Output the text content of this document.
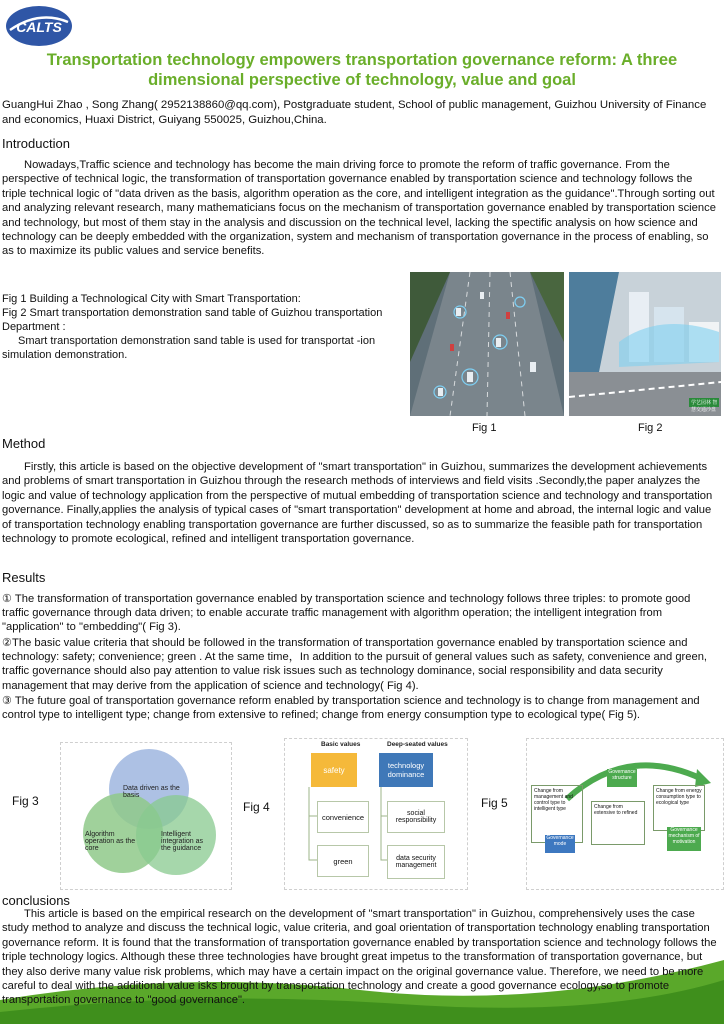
CALTS
Transportation technology empowers transportation governance reform: A three dimensional perspective of technology, value and goal

GuangHui Zhao , Song Zhang( 2952138860@qq.com), Postgraduate student, School of public management, Guizhou University of Finance and economics, Huaxi District, Guiyang 550025, Guizhou,China.

Introduction

Nowadays,Traffic science and technology has become the main driving force to promote the reform of traffic governance. From the perspective of technical logic, the transformation of transportation governance enabled by transportation science and technology follows the triple technical logic of "data driven as the basis, algorithm operation as the core, and intelligent integration as the guidance".Through sorting out and analyzing relevant research, many mathematicians focus on the mechanism of transportation governance enabled by transportation science and technology, but most of them stay in the analysis and discussion on the technical level, lacking the spectific analysis on how science and technology can be deeply embedded with the organization, system and mechanism of transportation governance in the process of enabling, so as to maximize its public values and service benefits.

Fig 1 Building a Technological City with Smart Transportation:
Fig 2 Smart transportation demonstration sand table of Guizhou transportation Department :
Smart transportation demonstration sand table is used for transportat -ion simulation demonstration.
学艺园林 智慧交通沙盘
Fig 1	Fig 2
Method

Firstly, this article is based on the objective development of "smart transportation" in Guizhou, summarizes the development achievements and problems of smart transportation in Guizhou through the research methods of interviews and field visits .Secondly,the paper analyzes the logic and value of technology application from the perspective of mutual embedding of transportation science and technology and transportation governance. Finally,applies the analysis of typical cases of "smart transportation" development at home and abroad, the internal logic and value of transportation technology enabling transportation governance are further discussed, so as to summarize the feasible path for transportation technology to promote ecological, refined and intelligent transportation governance.

Results

① The transformation of transportation governance enabled by transportation science and technology follows three triples: to promote good traffic governance through data driven; to enable accurate traffic management with algorithm operation; the intelligent integration from "application" to "embedding"( Fig 3).

②The basic value criteria that should be followed in the transformation of transportation governance enabled by transportation science and technology: safety; convenience; green . At the same time，In addition to the pursuit of general values such as safety, convenience and green, traffic governance should also pay attention to value risk issues such as technology dominance, social responsibility and data security management that may derive from the application of science and technology( Fig 4).

③ The future goal of transportation governance reform enabled by transportation science and technology is to change from management and control type to intelligent type; change from extensive to refined; change from energy consumption type to ecological type( Fig 5).

Fig 3
Data driven as the basis
Algorithm operation as the core
Intelligent integration as the guidance
Fig 4
Basic values	Deep-seated values
safety
convenience
green
technology dominance
social responsibility
data security management
Fig 5
Change from management and control type to intelligent type	Change from extensive to refined
Change from energy consumption type to ecological type
Governance mode
Governance structure
Governance mechanism of motivation
conclusions

This article is based on the empirical research on the development of "smart transportation" in Guizhou, comprehensively uses the case study method to analyze and discuss the technical logic, value criteria, and goal orientation of transportation technology enabling transportation governance reform. It is found that the transformation of transportation governance enabled by transportation science and technology follows the triple technology logics. Although these three technologies have brought great impetus to the transformation of transportation governance, but they also derive many value risk problems, which may have a certain impact on the original governance value. Therefore, we need to be more careful to deal with the additional value isks brought by transportation technology and create a good governance ecology,so to promote transportation governance to "good governance".
